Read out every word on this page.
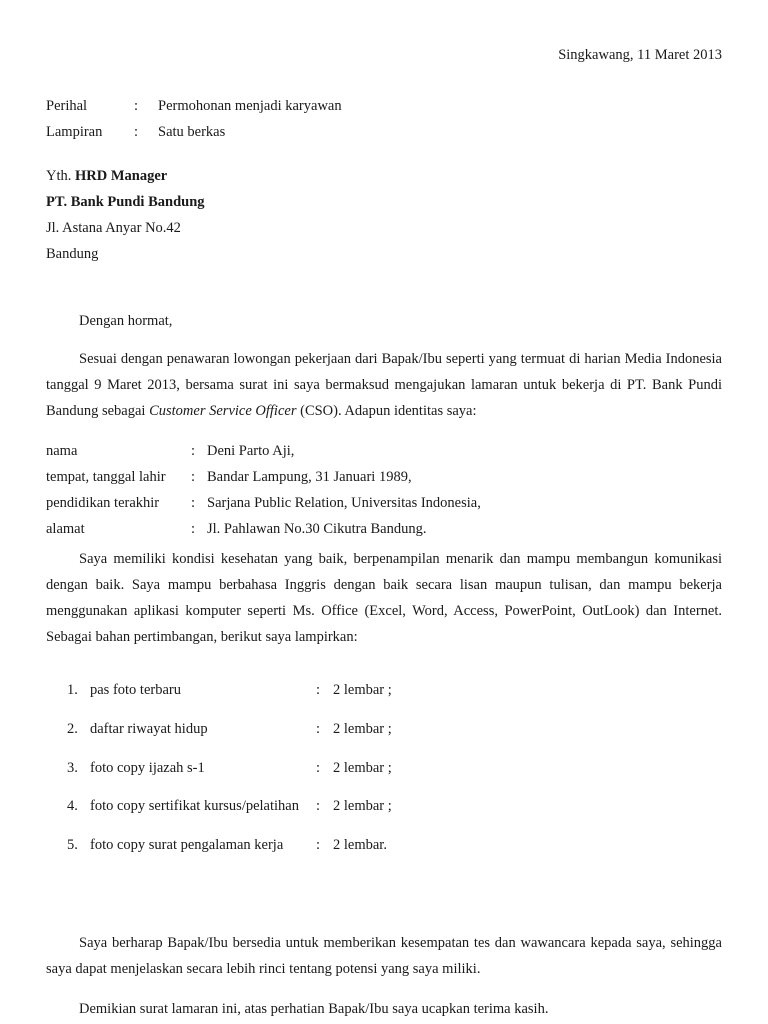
Singkawang, 11 Maret 2013
Perihal	: Permohonan menjadi karyawan
Lampiran	: Satu berkas
Yth. HRD Manager
PT. Bank Pundi Bandung
Jl. Astana Anyar No.42
Bandung
Dengan hormat,
Sesuai dengan penawaran lowongan pekerjaan dari Bapak/Ibu seperti yang termuat di harian Media Indonesia tanggal 9 Maret 2013, bersama surat ini saya bermaksud mengajukan lamaran untuk bekerja di PT. Bank Pundi Bandung sebagai Customer Service Officer (CSO). Adapun identitas saya:
nama	: Deni Parto Aji,
tempat, tanggal lahir : Bandar Lampung, 31 Januari 1989,
pendidikan terakhir : Sarjana Public Relation, Universitas Indonesia,
alamat	: Jl. Pahlawan No.30 Cikutra Bandung.
Saya memiliki kondisi kesehatan yang baik, berpenampilan menarik dan mampu membangun komunikasi dengan baik. Saya mampu berbahasa Inggris dengan baik secara lisan maupun tulisan, dan mampu bekerja menggunakan aplikasi komputer seperti Ms. Office (Excel, Word, Access, PowerPoint, OutLook) dan Internet. Sebagai bahan pertimbangan, berikut saya lampirkan:
1. pas foto terbaru	: 2 lembar ;
2. daftar riwayat hidup	: 2 lembar ;
3. foto copy ijazah s-1	: 2 lembar ;
4. foto copy sertifikat kursus/pelatihan : 2 lembar ;
5. foto copy surat pengalaman kerja : 2 lembar.
Saya berharap Bapak/Ibu bersedia untuk memberikan kesempatan tes dan wawancara kepada saya, sehingga saya dapat menjelaskan secara lebih rinci tentang potensi yang saya miliki.
Demikian surat lamaran ini, atas perhatian Bapak/Ibu saya ucapkan terima kasih.
